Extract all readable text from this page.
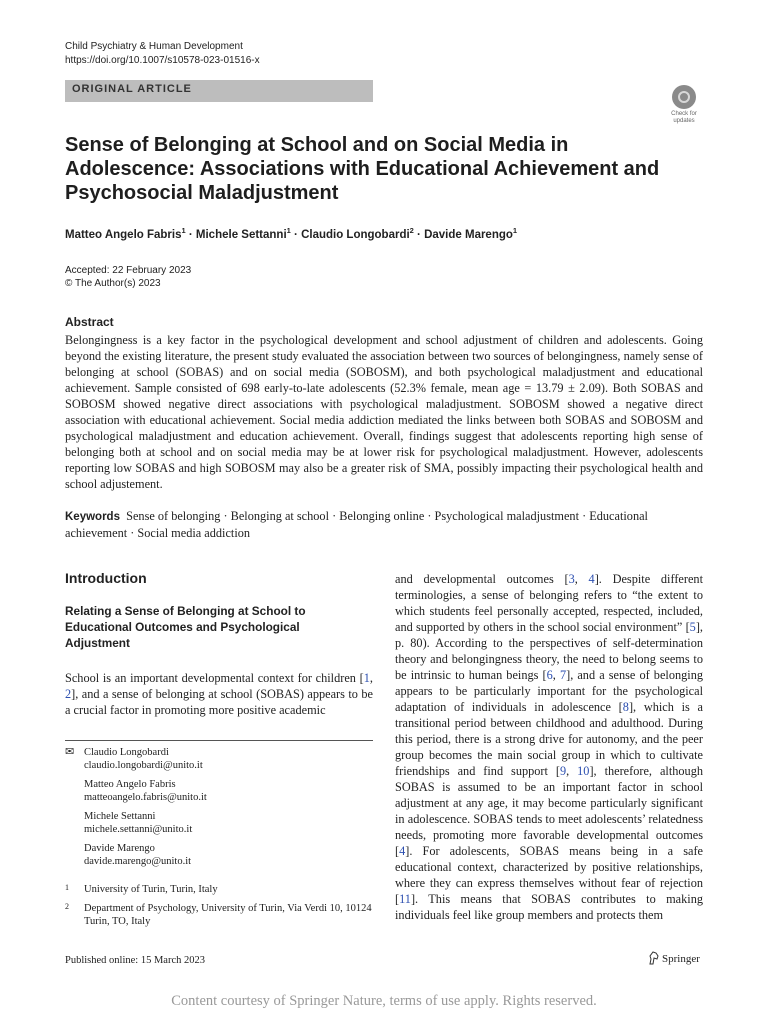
Child Psychiatry & Human Development
https://doi.org/10.1007/s10578-023-01516-x
ORIGINAL ARTICLE
Check for updates
Sense of Belonging at School and on Social Media in Adolescence: Associations with Educational Achievement and Psychosocial Maladjustment
Matteo Angelo Fabris$^1$ · Michele Settanni$^1$ · Claudio Longobardi$^2$ · Davide Marengo$^1$
Accepted: 22 February 2023
© The Author(s) 2023
Abstract
Belongingness is a key factor in the psychological development and school adjustment of children and adolescents. Going beyond the existing literature, the present study evaluated the association between two sources of belongingness, namely sense of belonging at school (SOBAS) and on social media (SOBOSM), and both psychological maladjustment and educational achievement. Sample consisted of 698 early-to-late adolescents (52.3% female, mean age = 13.79 ± 2.09). Both SOBAS and SOBOSM showed negative direct associations with psychological maladjustment. SOBOSM showed a negative direct association with educational achievement. Social media addiction mediated the links between both SOBAS and SOBOSM and psychological maladjustment and education achievement. Overall, findings suggest that adolescents reporting high sense of belonging both at school and on social media may be at lower risk for psychological maladjustment. However, adolescents reporting low SOBAS and high SOBOSM may also be a greater risk of SMA, possibly impacting their psychological health and school adjustement.
Keywords Sense of belonging · Belonging at school · Belonging online · Psychological maladjustment · Educational achievement · Social media addiction
Introduction
Relating a Sense of Belonging at School to Educational Outcomes and Psychological Adjustment
School is an important developmental context for children [1, 2], and a sense of belonging at school (SOBAS) appears to be a crucial factor in promoting more positive academic
✉ Claudio Longobardi
claudio.longobardi@unito.it
Matteo Angelo Fabris
matteoangelo.fabris@unito.it
Michele Settanni
michele.settanni@unito.it
Davide Marengo
davide.marengo@unito.it
1 University of Turin, Turin, Italy
2 Department of Psychology, University of Turin, Via Verdi 10, 10124 Turin, TO, Italy
and developmental outcomes [3, 4]. Despite different terminologies, a sense of belonging refers to “the extent to which students feel personally accepted, respected, included, and supported by others in the school social environment” [5], p. 80). According to the perspectives of self-determination theory and belongingness theory, the need to belong seems to be intrinsic to human beings [6, 7], and a sense of belonging appears to be particularly important for the psychological adaptation of individuals in adolescence [8], which is a transitional period between childhood and adulthood. During this period, there is a strong drive for autonomy, and the peer group becomes the main social group in which to cultivate friendships and find support [9, 10], therefore, although SOBAS is assumed to be an important factor in school adjustment at any age, it may become particularly significant in adolescence. SOBAS tends to meet adolescents’ relatedness needs, promoting more favorable developmental outcomes [4]. For adolescents, SOBAS means being in a safe educational context, characterized by positive relationships, where they can express themselves without fear of rejection [11]. This means that SOBAS contributes to making individuals feel like group members and protects them
Published online: 15 March 2023	Springer
Content courtesy of Springer Nature, terms of use apply. Rights reserved.
